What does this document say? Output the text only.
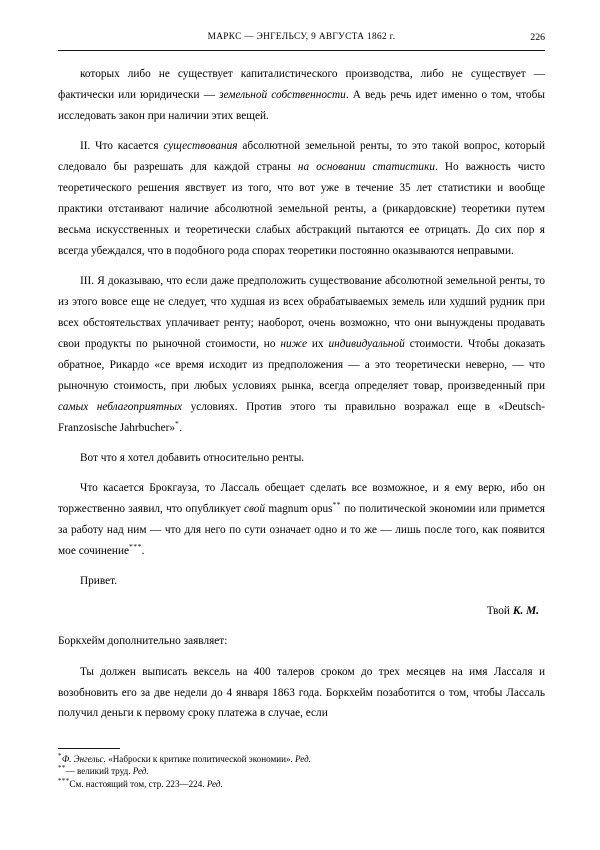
МАРКС — ЭНГЕЛЬСУ, 9 АВГУСТА 1862 г.	226

которых либо не существует капиталистического производства, либо не существует — фактически или юридически — земельной собственности. А ведь речь идет именно о том, чтобы исследовать закон при наличии этих вещей.

II. Что касается существования абсолютной земельной ренты, то это такой вопрос, который следовало бы разрешать для каждой страны на основании статистики. Но важность чисто теоретического решения явствует из того, что вот уже в течение 35 лет статистики и вообще практики отстаивают наличие абсолютной земельной ренты, а (рикардовские) теоретики путем весьма искусственных и теоретически слабых абстракций пытаются ее отрицать. До сих пор я всегда убеждался, что в подобного рода спорах теоретики постоянно оказываются неправыми.

III. Я доказываю, что если даже предположить существование абсолютной земельной ренты, то из этого вовсе еще не следует, что худшая из всех обрабатываемых земель или худший рудник при всех обстоятельствах уплачивает ренту; наоборот, очень возможно, что они вынуждены продавать свои продукты по рыночной стоимости, но ниже их индивидуальной стоимости. Чтобы доказать обратное, Рикардо «се время исходит из предположения — а это теоретически неверно, — что рыночную стоимость, при любых условиях рынка, всегда определяет товар, произведенный при самых неблагоприятных условиях. Против этого ты правильно возражал еще в «Deutsch-Franzosische Jahrbucher»*.

Вот что я хотел добавить относительно ренты.

Что касается Брокгауза, то Лассаль обещает сделать все возможное, и я ему верю, ибо он торжественно заявил, что опубликует свой magnum opus** по политической экономии или примется за работу над ним — что для него по сути означает одно и то же — лишь после того, как появится мое сочинение***.

Привет.

Твой К. М.

Боркхейм дополнительно заявляет:

Ты должен выписать вексель на 400 талеров сроком до трех месяцев на имя Лассаля и возобновить его за две недели до 4 января 1863 года. Боркхейм позаботится о том, чтобы Лассаль получил деньги к первому сроку платежа в случае, если

*Ф. Энгельс. «Наброски к критике политической экономии». Ред.

**— великий труд. Ред.

***См. настоящий том, стр. 223—224. Ред.
